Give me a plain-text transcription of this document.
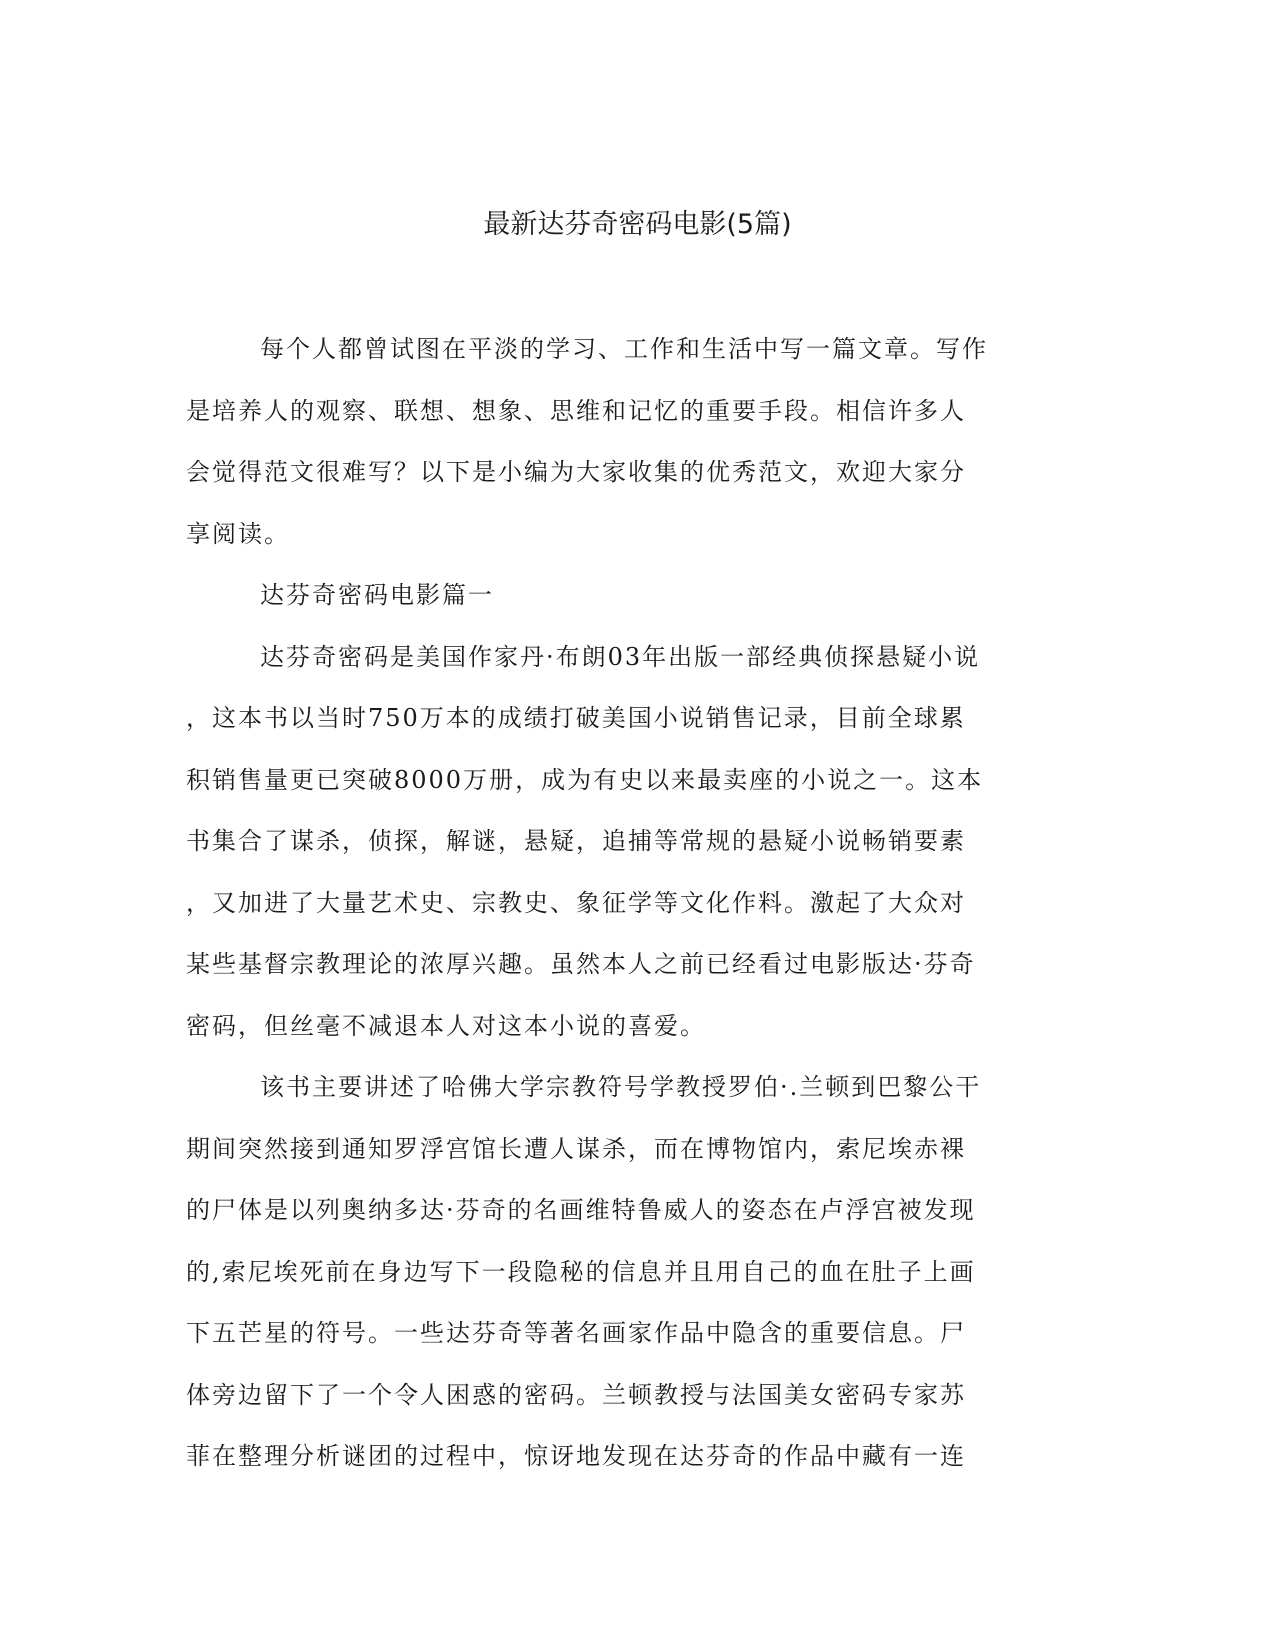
最新达芬奇密码电影(5篇)
每个人都曾试图在平淡的学习、工作和生活中写一篇文章。写作
是培养人的观察、联想、想象、思维和记忆的重要手段。相信许多人
会觉得范文很难写？以下是小编为大家收集的优秀范文，欢迎大家分
享阅读。
达芬奇密码电影篇一
达芬奇密码是美国作家丹·布朗03年出版一部经典侦探悬疑小说
，这本书以当时750万本的成绩打破美国小说销售记录，目前全球累
积销售量更已突破8000万册，成为有史以来最卖座的小说之一。这本
书集合了谋杀，侦探，解谜，悬疑，追捕等常规的悬疑小说畅销要素
，又加进了大量艺术史、宗教史、象征学等文化作料。激起了大众对
某些基督宗教理论的浓厚兴趣。虽然本人之前已经看过电影版达·芬奇
密码，但丝毫不减退本人对这本小说的喜爱。
该书主要讲述了哈佛大学宗教符号学教授罗伯·.兰顿到巴黎公干
期间突然接到通知罗浮宫馆长遭人谋杀，而在博物馆内，索尼埃赤裸
的尸体是以列奥纳多达·芬奇的名画维特鲁威人的姿态在卢浮宫被发现
的,索尼埃死前在身边写下一段隐秘的信息并且用自己的血在肚子上画
下五芒星的符号。一些达芬奇等著名画家作品中隐含的重要信息。尸
体旁边留下了一个令人困惑的密码。兰顿教授与法国美女密码专家苏
菲在整理分析谜团的过程中，惊讶地发现在达芬奇的作品中藏有一连
